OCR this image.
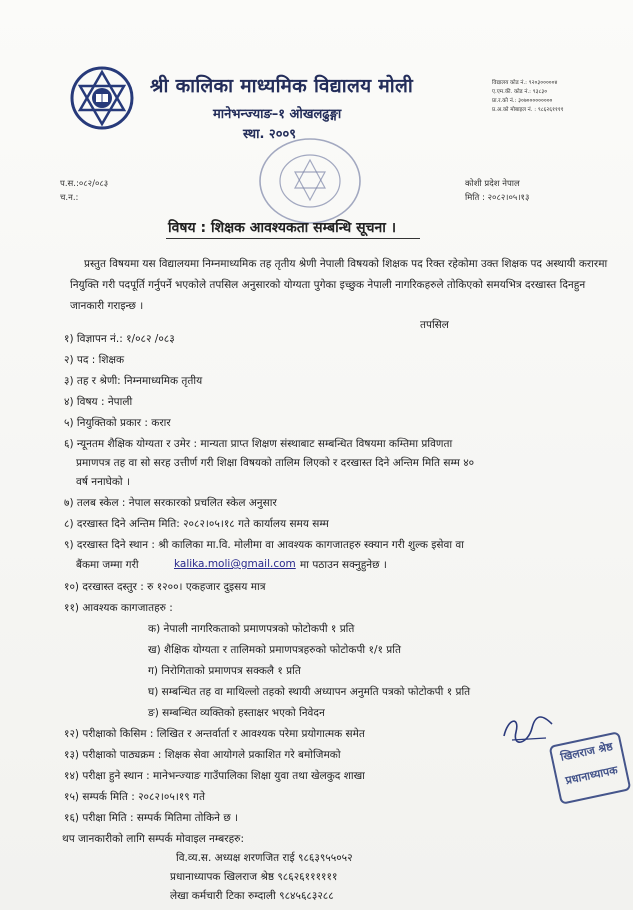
श्री कालिका माध्यमिक विद्यालय मोली
मानेभन्ज्याङ–१ ओखलढुङ्गा
स्था. २००९
विद्यालय कोड नं.: ९२०३०००००४
ए.एम.की. कोड नं.: ९३८३०
प्रा.र.को नं.: ३०७०००००००००
प्र.अ.को मोबाइल नं. : ९८६२६११११
प.स.:०८२/०८३
च.न.:
कोशी प्रदेश नेपाल
मिति : २०८२।०५।१३
विषय : शिक्षक आवश्यकता सम्बन्धि सूचना ।
प्रस्तुत विषयमा यस विद्यालयमा निम्नमाध्यमिक तह तृतीय श्रेणी नेपाली विषयको शिक्षक पद रिक्त रहेकोमा उक्त शिक्षक पद अस्थायी करारमा नियुक्ति गरी पदपूर्ति गर्नुपर्ने भएकोले तपसिल अनुसारको योग्यता पुगेका इच्छुक नेपाली नागरिकहरुले तोकिएको समयभित्र दरखास्त दिनहुन जानकारी गराइन्छ ।
तपसिल
१) विज्ञापन नं.: १/०८२ /०८३
२) पद : शिक्षक
३) तह र श्रेणी: निम्नमाध्यमिक तृतीय
४) विषय : नेपाली
५) नियुक्तिको प्रकार : करार
६) न्यूनतम शैक्षिक योग्यता र उमेर : मान्यता प्राप्त शिक्षण संस्थाबाट सम्बन्धित विषयमा कम्तिमा प्रविणता
प्रमाणपत्र तह वा सो सरह उत्तीर्ण गरी शिक्षा विषयको तालिम लिएको र दरखास्त दिने अन्तिम मिति सम्म ४०
वर्ष ननाघेको ।
७) तलब स्केल : नेपाल सरकारको प्रचलित स्केल अनुसार
८) दरखास्त दिने अन्तिम मिति: २०८२।०५।१८ गते कार्यालय समय सम्म
९) दरखास्त दिने स्थान : श्री कालिका मा.वि. मोलीमा वा आवश्यक कागजातहरु स्क्यान गरी शुल्क इसेवा वा
बैंकमा जम्मा गरी	kalika.moli@gmail.com मा पठाउन सक्नुहुनेछ ।
१०) दरखास्त दस्तुर : रु १२००। एकहजार दुइसय मात्र
११) आवश्यक कागजातहरु :
क) नेपाली नागरिकताको प्रमाणपत्रको फोटोकपी १ प्रति
ख) शैक्षिक योग्यता र तालिमको प्रमाणपत्रहरुको फोटोकपी १/१ प्रति
ग) निरोगिताको प्रमाणपत्र सक्कलै १ प्रति
घ) सम्बन्धित तह वा माथिल्लो तहको स्थायी अध्यापन अनुमति पत्रको फोटोकपी १ प्रति
ङ) सम्बन्धित व्यक्तिको हस्ताक्षर भएको निवेदन
१२) परीक्षाको किसिम : लिखित र अन्तर्वार्ता र आवश्यक परेमा प्रयोगात्मक समेत
१३) परीक्षाको पाठ्यक्रम : शिक्षक सेवा आयोगले प्रकाशित गरे बमोजिमको
१४) परीक्षा हुने स्थान : मानेभन्ज्याङ गाउँपालिका शिक्षा युवा तथा खेलकुद शाखा
१५) सम्पर्क मिति : २०८२।०५।१९ गते
१६) परीक्षा मिति : सम्पर्क मितिमा तोकिने छ ।
थप जानकारीको लागि सम्पर्क मोवाइल नम्बरहरु:
वि.व्य.स. अध्यक्ष शरणजित राई ९८६३९५५०५२
प्रधानाध्यापक खिलराज श्रेष्ठ ९८६२६११११११
लेखा कर्मचारी टिका रुम्दाली ९८४५६८३२८८
खिलराज श्रेष्ठ
प्रधानाध्यापक
